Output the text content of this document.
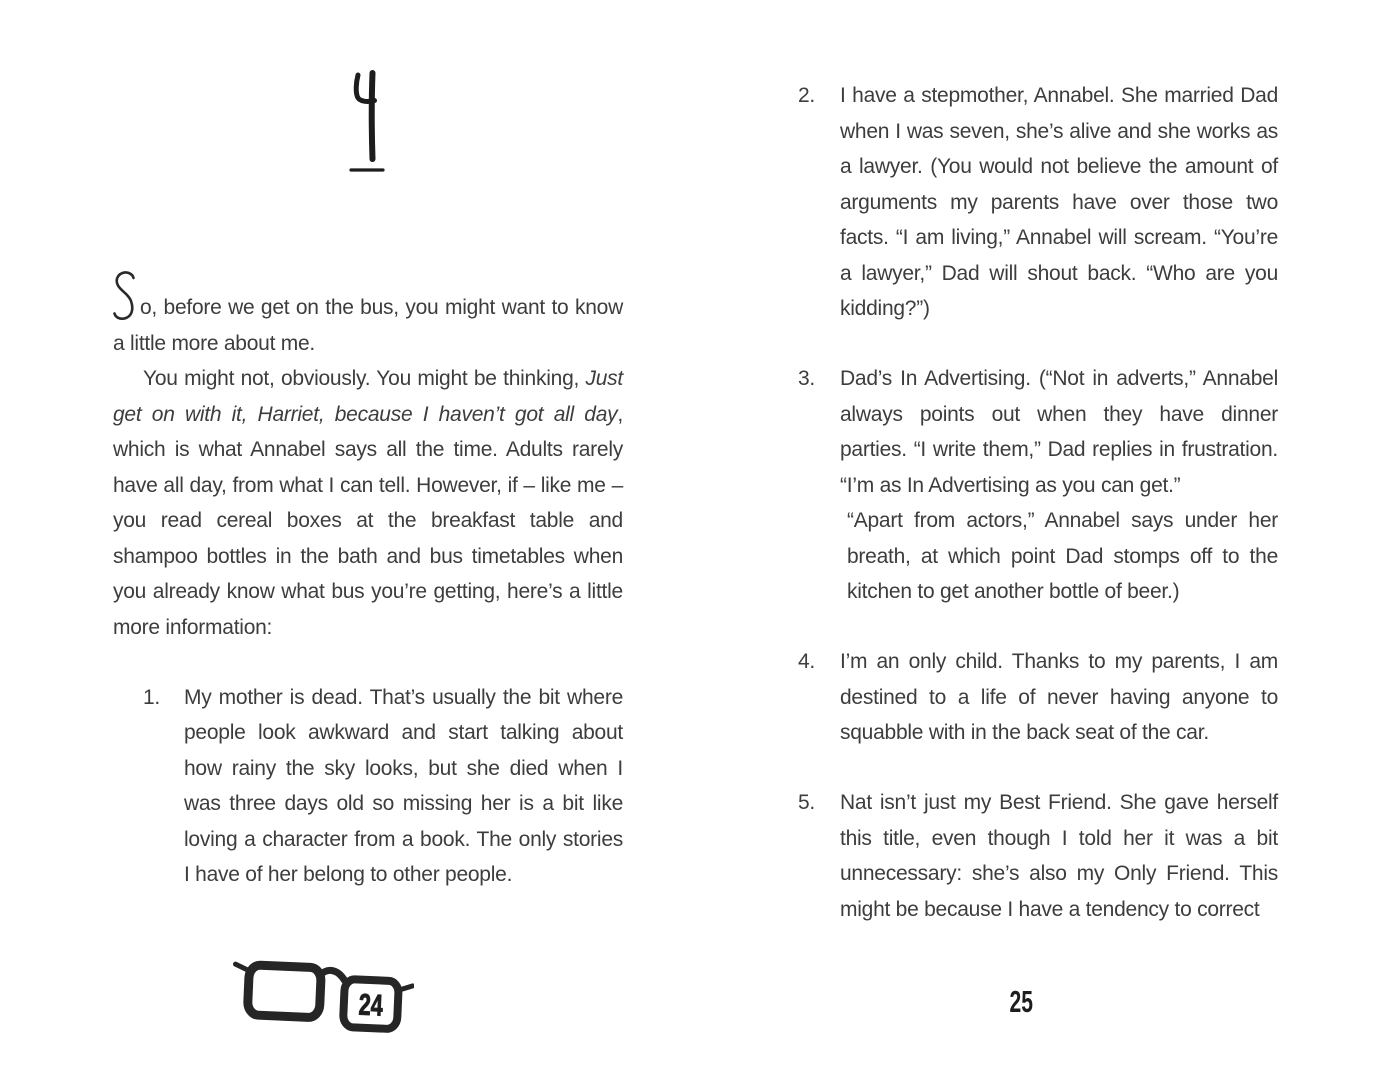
o, before we get on the bus, you might want to know a little more about me.

You might not, obviously. You might be thinking, Just get on with it, Harriet, because I haven’t got all day, which is what Annabel says all the time. Adults rarely have all day, from what I can tell. However, if – like me – you read cereal boxes at the breakfast table and shampoo bottles in the bath and bus timetables when you already know what bus you’re getting, here’s a little more information:

1.	My mother is dead. That’s usually the bit where people look awkward and start talking about how rainy the sky looks, but she died when I was three days old so missing her is a bit like loving a character from a book. The only stories I have of her belong to other people.
24
2.	I have a stepmother, Annabel. She married Dad when I was seven, she’s alive and she works as a lawyer. (You would not believe the amount of arguments my parents have over those two facts. “I am living,” Annabel will scream. “You’re a lawyer,” Dad will shout back. “Who are you kidding?”)
3.	Dad’s In Advertising. (“Not in adverts,” Annabel always points out when they have dinner parties. “I write them,” Dad replies in frustration. “I’m as In Advertising as you can get.”
“Apart from actors,” Annabel says under her breath, at which point Dad stomps off to the kitchen to get another bottle of beer.)
4.	I’m an only child. Thanks to my parents, I am destined to a life of never having anyone to squabble with in the back seat of the car.
5.	Nat isn’t just my Best Friend. She gave herself this title, even though I told her it was a bit unnecessary: she’s also my Only Friend. This might be because I have a tendency to correct
25
